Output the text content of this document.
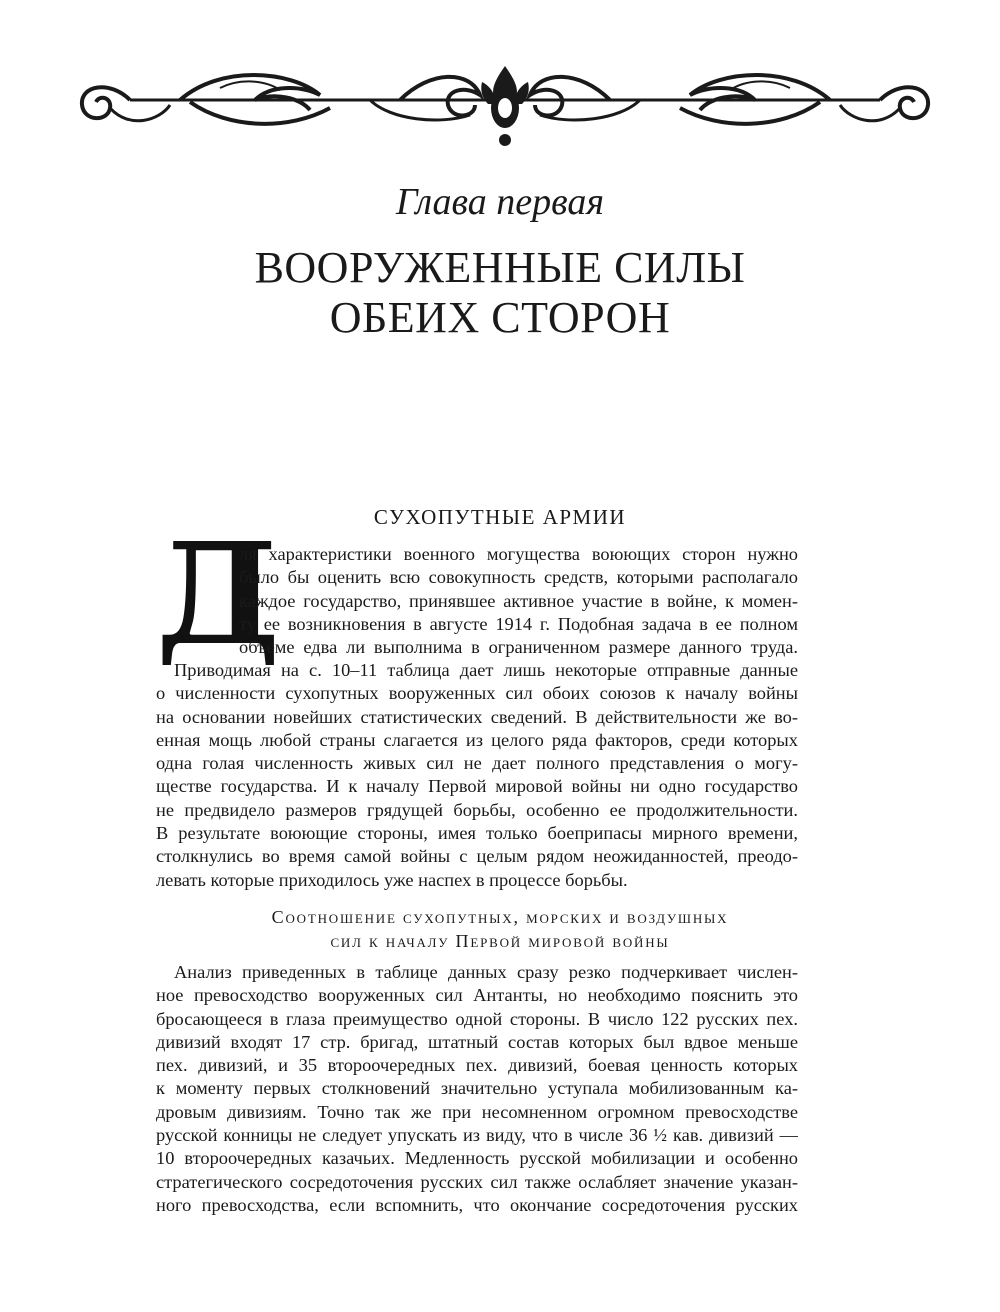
Глава первая
ВООРУЖЕННЫЕ СИЛЫ
ОБЕИХ СТОРОН
СУХОПУТНЫЕ АРМИИ
Д
ля характеристики военного могущества воюющих сторон нужно
было бы оценить всю совокупность средств, которыми располагало
каждое государство, принявшее активное участие в войне, к момен-
ту ее возникновения в августе 1914 г. Подобная задача в ее полном
объеме едва ли выполнима в ограниченном размере данного труда.
Приводимая на с. 10–11 таблица дает лишь некоторые отправные данные
о численности сухопутных вооруженных сил обоих союзов к началу войны
на основании новейших статистических сведений. В действительности же во-
енная мощь любой страны слагается из целого ряда факторов, среди которых
одна голая численность живых сил не дает полного представления о могу-
ществе государства. И к началу Первой мировой войны ни одно государство
не предвидело размеров грядущей борьбы, особенно ее продолжительности.
В результате воюющие стороны, имея только боеприпасы мирного времени,
столкнулись во время самой войны с целым рядом неожиданностей, преодо-
левать которые приходилось уже наспех в процессе борьбы.
Соотношение сухопутных, морских и воздушных
сил к началу Первой мировой войны
Анализ приведенных в таблице данных сразу резко подчеркивает числен-
ное превосходство вооруженных сил Антанты, но необходимо пояснить это
бросающееся в глаза преимущество одной стороны. В число 122 русских пех.
дивизий входят 17 стр. бригад, штатный состав которых был вдвое меньше
пех. дивизий, и 35 второочередных пех. дивизий, боевая ценность которых
к моменту первых столкновений значительно уступала мобилизованным ка-
дровым дивизиям. Точно так же при несомненном огромном превосходстве
русской конницы не следует упускать из виду, что в числе 36 ½ кав. дивизий —
10 второочередных казачьих. Медленность русской мобилизации и особенно
стратегического сосредоточения русских сил также ослабляет значение указан-
ного превосходства, если вспомнить, что окончание сосредоточения русских
